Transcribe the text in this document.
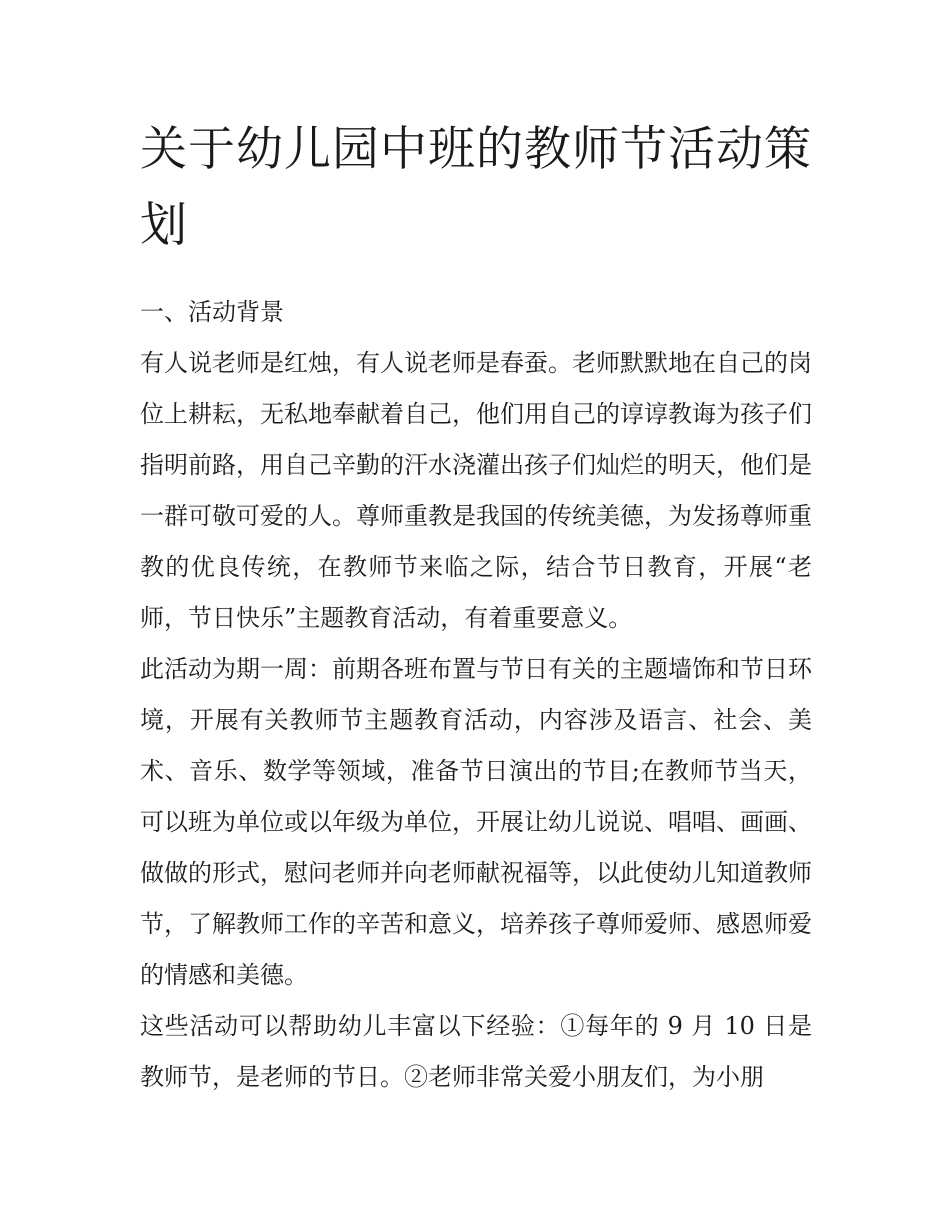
关于幼儿园中班的教师节活动策划

一、活动背景

有人说老师是红烛，有人说老师是春蚕。老师默默地在自己的岗位上耕耘，无私地奉献着自己，他们用自己的谆谆教诲为孩子们指明前路，用自己辛勤的汗水浇灌出孩子们灿烂的明天，他们是一群可敬可爱的人。尊师重教是我国的传统美德，为发扬尊师重教的优良传统，在教师节来临之际，结合节日教育，开展“老师，节日快乐”主题教育活动，有着重要意义。

此活动为期一周：前期各班布置与节日有关的主题墙饰和节日环境，开展有关教师节主题教育活动，内容涉及语言、社会、美术、音乐、数学等领域，准备节日演出的节目;在教师节当天，可以班为单位或以年级为单位，开展让幼儿说说、唱唱、画画、做做的形式，慰问老师并向老师献祝福等，以此使幼儿知道教师节，了解教师工作的辛苦和意义，培养孩子尊师爱师、感恩师爱的情感和美德。

这些活动可以帮助幼儿丰富以下经验：①每年的 9 月 10 日是教师节，是老师的节日。②老师非常关爱小朋友们，为小朋
